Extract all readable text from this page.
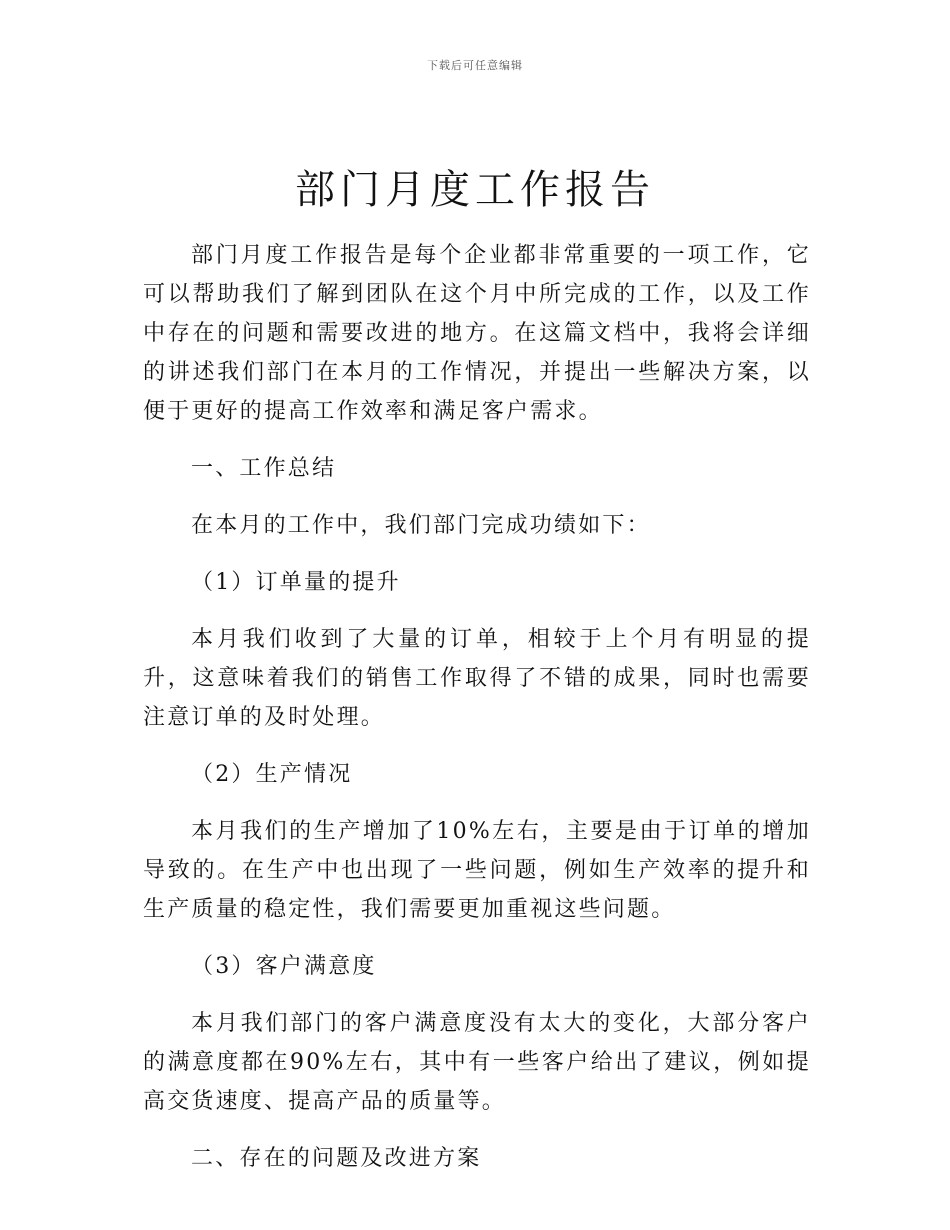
下载后可任意编辑
部门月度工作报告

部门月度工作报告是每个企业都非常重要的一项工作，它可以帮助我们了解到团队在这个月中所完成的工作，以及工作中存在的问题和需要改进的地方。在这篇文档中，我将会详细的讲述我们部门在本月的工作情况，并提出一些解决方案，以便于更好的提高工作效率和满足客户需求。

一、工作总结

在本月的工作中，我们部门完成功绩如下：

（1）订单量的提升

本月我们收到了大量的订单，相较于上个月有明显的提升，这意味着我们的销售工作取得了不错的成果，同时也需要注意订单的及时处理。

（2）生产情况

本月我们的生产增加了10%左右，主要是由于订单的增加导致的。在生产中也出现了一些问题，例如生产效率的提升和生产质量的稳定性，我们需要更加重视这些问题。

（3）客户满意度

本月我们部门的客户满意度没有太大的变化，大部分客户的满意度都在90%左右，其中有一些客户给出了建议，例如提高交货速度、提高产品的质量等。

二、存在的问题及改进方案
